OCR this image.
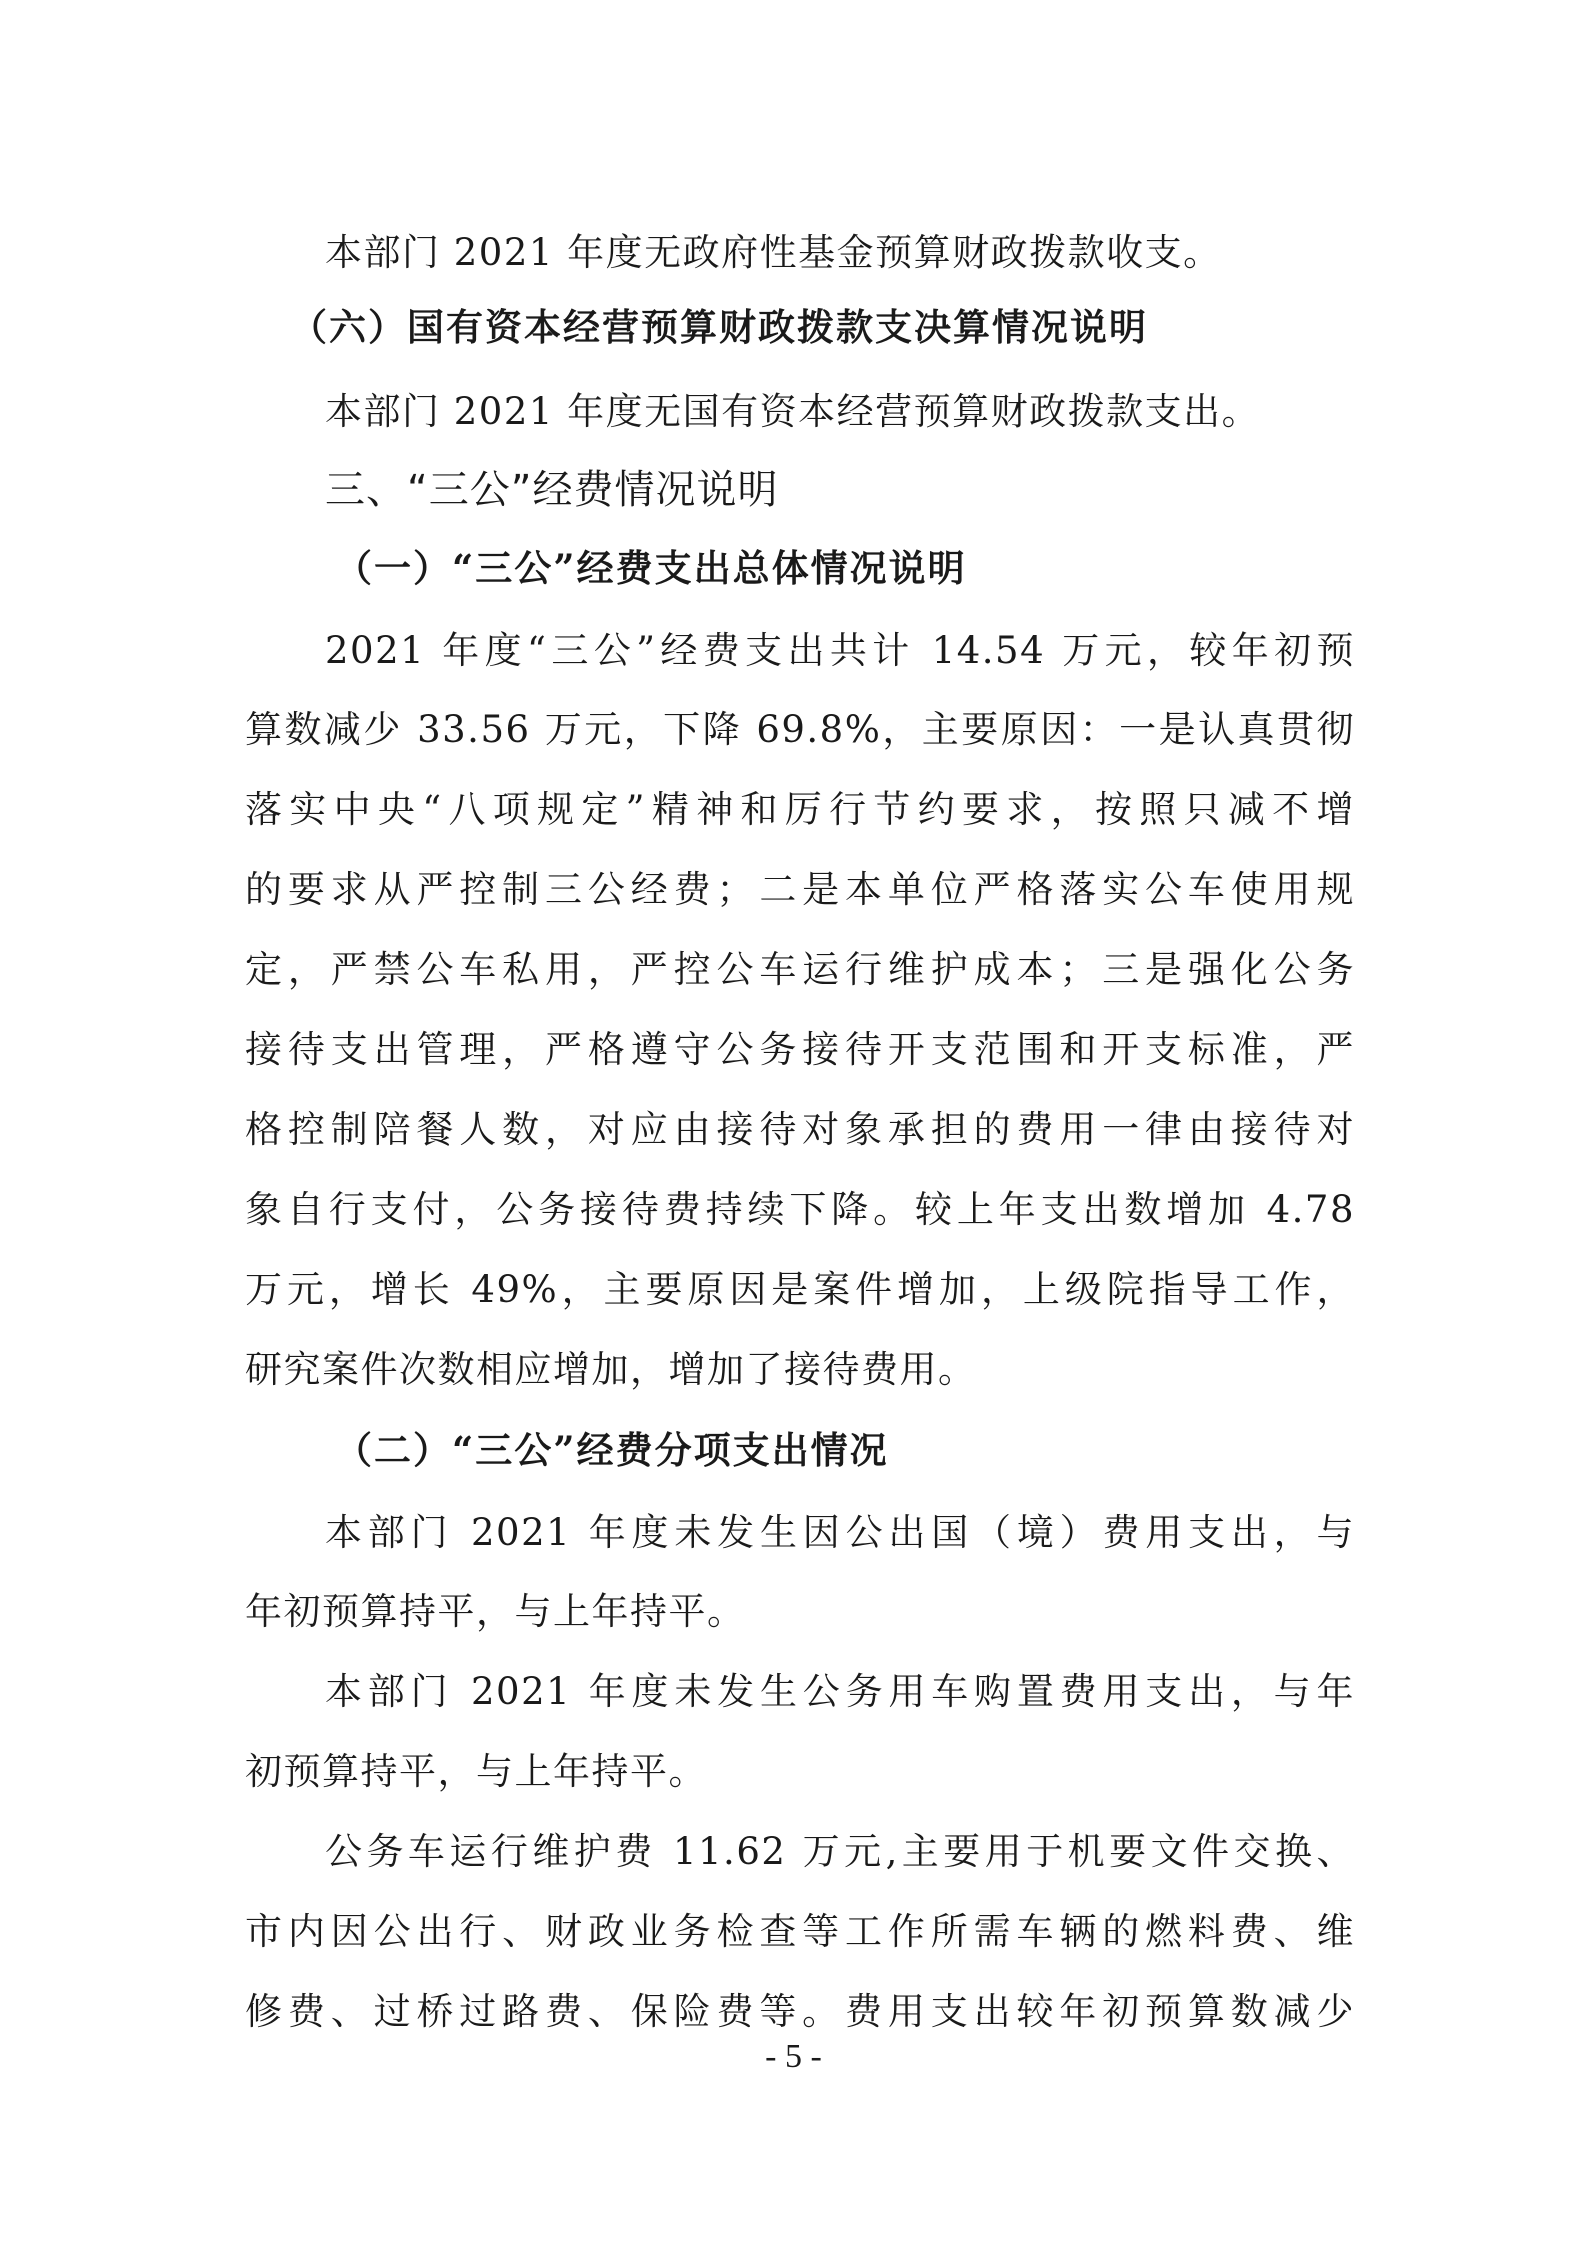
本部门 2021 年度无政府性基金预算财政拨款收支。
（六）国有资本经营预算财政拨款支决算情况说明
本部门 2021 年度无国有资本经营预算财政拨款支出。
三、“三公”经费情况说明
（一）“三公”经费支出总体情况说明
2021 年度“三公”经费支出共计 14.54 万元，较年初预
算数减少 33.56 万元，下降 69.8%，主要原因：一是认真贯彻
落实中央“八项规定”精神和厉行节约要求，按照只减不增
的要求从严控制三公经费；二是本单位严格落实公车使用规
定，严禁公车私用，严控公车运行维护成本；三是强化公务
接待支出管理，严格遵守公务接待开支范围和开支标准，严
格控制陪餐人数，对应由接待对象承担的费用一律由接待对
象自行支付，公务接待费持续下降。较上年支出数增加 4.78
万元，增长 49%，主要原因是案件增加，上级院指导工作，
研究案件次数相应增加，增加了接待费用。
（二）“三公”经费分项支出情况
本部门 2021 年度未发生因公出国（境）费用支出，与
年初预算持平，与上年持平。
本部门 2021 年度未发生公务用车购置费用支出，与年
初预算持平，与上年持平。
公务车运行维护费 11.62 万元,主要用于机要文件交换、
市内因公出行、财政业务检查等工作所需车辆的燃料费、维
修费、过桥过路费、保险费等。费用支出较年初预算数减少
- 5 -
